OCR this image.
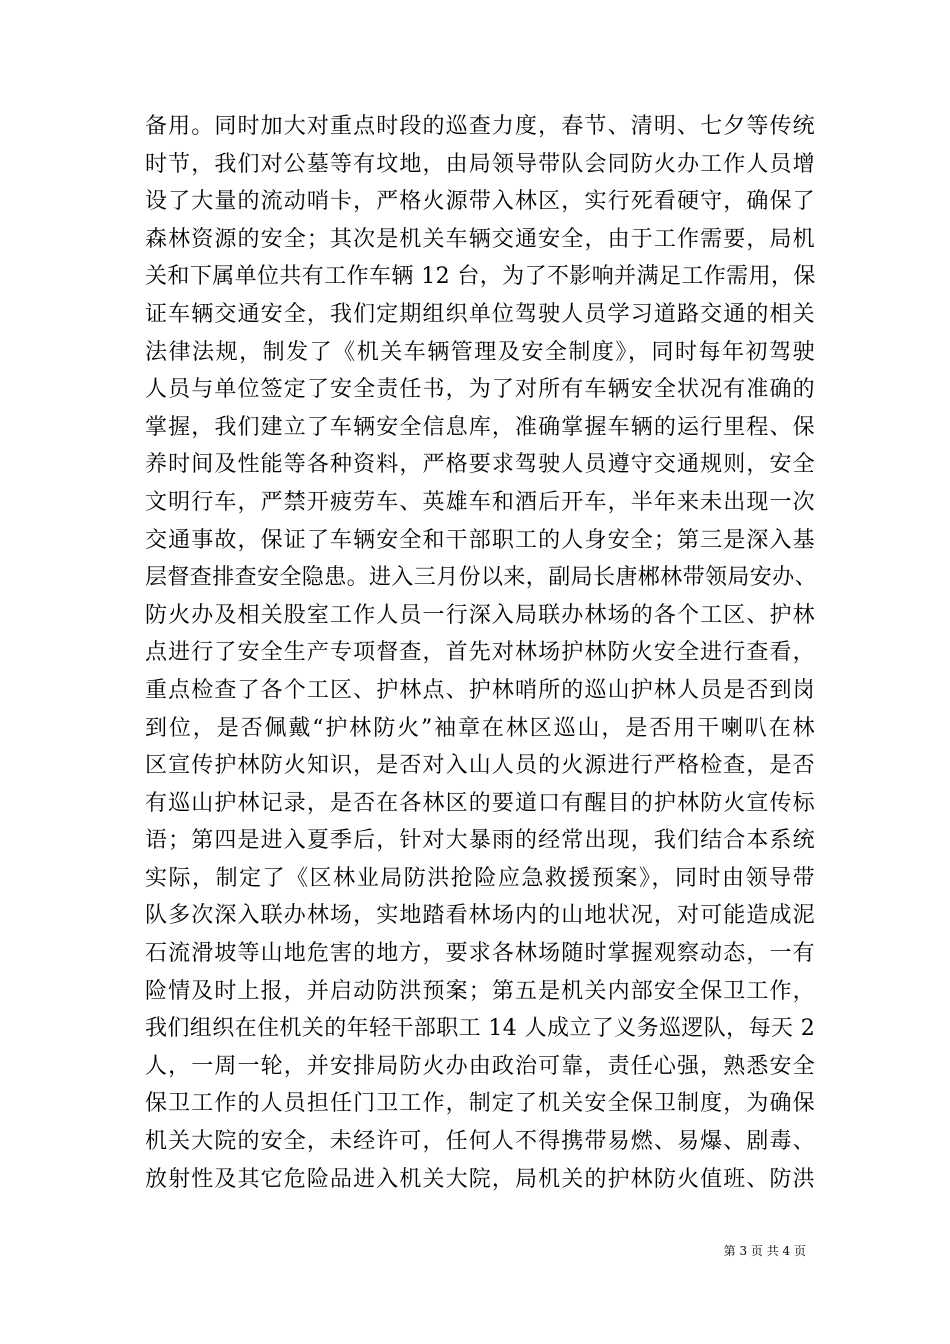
备用。同时加大对重点时段的巡查力度，春节、清明、七夕等传统
时节，我们对公墓等有坟地，由局领导带队会同防火办工作人员增
设了大量的流动哨卡，严格火源带入林区，实行死看硬守，确保了
森林资源的安全；其次是机关车辆交通安全，由于工作需要，局机
关和下属单位共有工作车辆 12 台，为了不影响并满足工作需用，保
证车辆交通安全，我们定期组织单位驾驶人员学习道路交通的相关
法律法规，制发了《机关车辆管理及安全制度》，同时每年初驾驶
人员与单位签定了安全责任书，为了对所有车辆安全状况有准确的
掌握，我们建立了车辆安全信息库，准确掌握车辆的运行里程、保
养时间及性能等各种资料，严格要求驾驶人员遵守交通规则，安全
文明行车，严禁开疲劳车、英雄车和酒后开车，半年来未出现一次
交通事故，保证了车辆安全和干部职工的人身安全；第三是深入基
层督查排查安全隐患。进入三月份以来，副局长唐郴林带领局安办、
防火办及相关股室工作人员一行深入局联办林场的各个工区、护林
点进行了安全生产专项督查，首先对林场护林防火安全进行查看，
重点检查了各个工区、护林点、护林哨所的巡山护林人员是否到岗
到位，是否佩戴“护林防火”袖章在林区巡山，是否用干喇叭在林
区宣传护林防火知识，是否对入山人员的火源进行严格检查，是否
有巡山护林记录，是否在各林区的要道口有醒目的护林防火宣传标
语；第四是进入夏季后，针对大暴雨的经常出现，我们结合本系统
实际，制定了《区林业局防洪抢险应急救援预案》，同时由领导带
队多次深入联办林场，实地踏看林场内的山地状况，对可能造成泥
石流滑坡等山地危害的地方，要求各林场随时掌握观察动态，一有
险情及时上报，并启动防洪预案；第五是机关内部安全保卫工作，
我们组织在住机关的年轻干部职工 14 人成立了义务巡逻队，每天 2
人，一周一轮，并安排局防火办由政治可靠，责任心强，熟悉安全
保卫工作的人员担任门卫工作，制定了机关安全保卫制度，为确保
机关大院的安全，未经许可，任何人不得携带易燃、易爆、剧毒、
放射性及其它危险品进入机关大院，局机关的护林防火值班、防洪
第 3 页 共 4 页
